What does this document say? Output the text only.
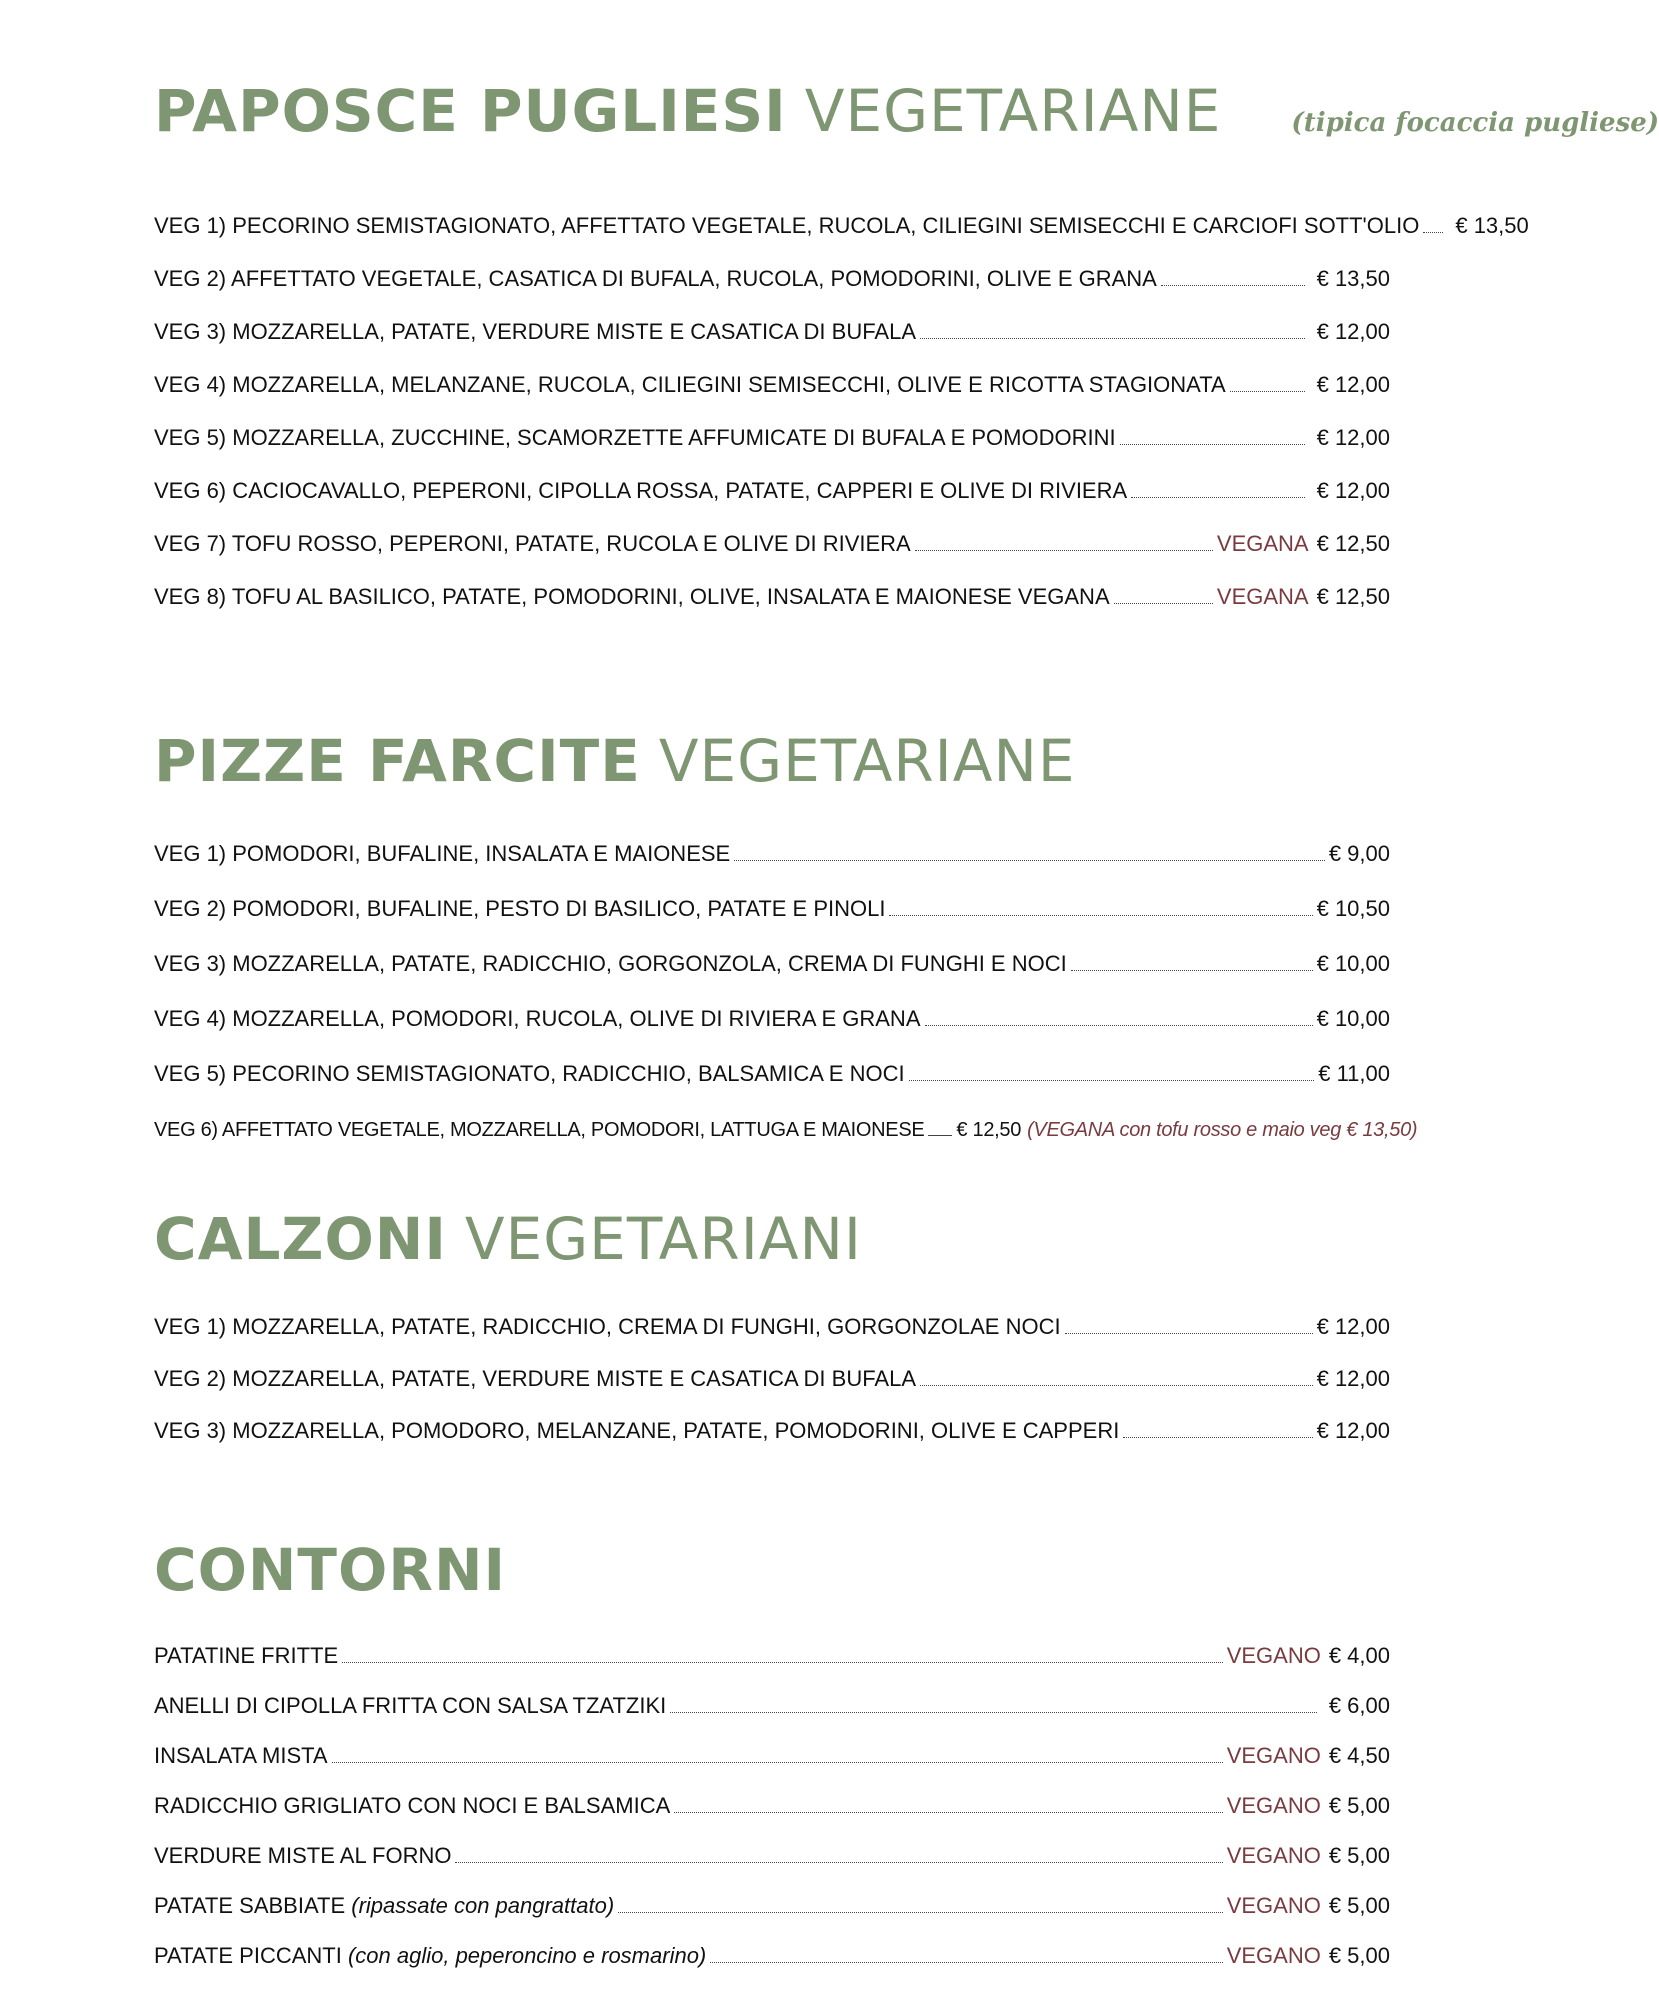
PAPOSCE PUGLIESI VEGETARIANE	(tipica focaccia pugliese)
VEG 1) PECORINO SEMISTAGIONATO, AFFETTATO VEGETALE, RUCOLA, CILIEGINI SEMISECCHI E CARCIOFI SOTT'OLIO € 13,50
VEG 2) AFFETTATO VEGETALE, CASATICA DI BUFALA, RUCOLA, POMODORINI, OLIVE E GRANA	€ 13,50
VEG 3) MOZZARELLA, PATATE, VERDURE MISTE E CASATICA DI BUFALA	€ 12,00
VEG 4) MOZZARELLA, MELANZANE, RUCOLA, CILIEGINI SEMISECCHI, OLIVE E RICOTTA STAGIONATA	€ 12,00
VEG 5) MOZZARELLA, ZUCCHINE, SCAMORZETTE AFFUMICATE DI BUFALA E POMODORINI	€ 12,00
VEG 6) CACIOCAVALLO, PEPERONI, CIPOLLA ROSSA, PATATE, CAPPERI E OLIVE DI RIVIERA	€ 12,00
VEG 7) TOFU ROSSO, PEPERONI, PATATE, RUCOLA E OLIVE DI RIVIERA	VEGANA € 12,50
VEG 8) TOFU AL BASILICO, PATATE, POMODORINI, OLIVE, INSALATA E MAIONESE VEGANA	VEGANA € 12,50
PIZZE FARCITE VEGETARIANE
VEG 1) POMODORI, BUFALINE, INSALATA E MAIONESE	€ 9,00
VEG 2) POMODORI, BUFALINE, PESTO DI BASILICO, PATATE E PINOLI	€ 10,50
VEG 3) MOZZARELLA, PATATE, RADICCHIO, GORGONZOLA, CREMA DI FUNGHI E NOCI	€ 10,00
VEG 4) MOZZARELLA, POMODORI, RUCOLA, OLIVE DI RIVIERA E GRANA	€ 10,00
VEG 5) PECORINO SEMISTAGIONATO, RADICCHIO, BALSAMICA E NOCI	€ 11,00
VEG 6) AFFETTATO VEGETALE, MOZZARELLA, POMODORI, LATTUGA E MAIONESE € 12,50 (VEGANA con tofu rosso e maio veg € 13,50)
CALZONI VEGETARIANI
VEG 1) MOZZARELLA, PATATE, RADICCHIO, CREMA DI FUNGHI, GORGONZOLAE NOCI	€ 12,00
VEG 2) MOZZARELLA, PATATE, VERDURE MISTE E CASATICA DI BUFALA	€ 12,00
VEG 3) MOZZARELLA, POMODORO, MELANZANE, PATATE, POMODORINI, OLIVE E CAPPERI	€ 12,00
CONTORNI
PATATINE FRITTE	VEGANO € 4,00
ANELLI DI CIPOLLA FRITTA CON SALSA TZATZIKI	€ 6,00
INSALATA MISTA	VEGANO € 4,50
RADICCHIO GRIGLIATO CON NOCI E BALSAMICA	VEGANO € 5,00
VERDURE MISTE AL FORNO	VEGANO € 5,00
PATATE SABBIATE (ripassate con pangrattato)	VEGANO € 5,00
PATATE PICCANTI (con aglio, peperoncino e rosmarino)	VEGANO € 5,00
